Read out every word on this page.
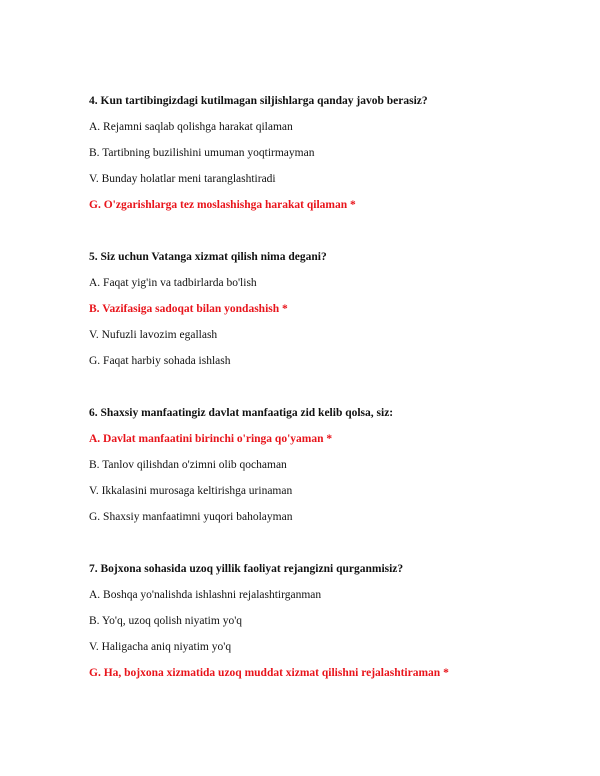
4. Kun tartibingizdagi kutilmagan siljishlarga qanday javob berasiz?
A. Rejamni saqlab qolishga harakat qilaman
B. Tartibning buzilishini umuman yoqtirmayman
V. Bunday holatlar meni taranglashtiradi
G. O'zgarishlarga tez moslashishga harakat qilaman *
5. Siz uchun Vatanga xizmat qilish nima degani?
A. Faqat yig'in va tadbirlarda bo'lish
B. Vazifasiga sadoqat bilan yondashish *
V. Nufuzli lavozim egallash
G. Faqat harbiy sohada ishlash
6. Shaxsiy manfaatingiz davlat manfaatiga zid kelib qolsa, siz:
A. Davlat manfaatini birinchi o'ringa qo'yaman *
B. Tanlov qilishdan o'zimni olib qochaman
V. Ikkalasini murosaga keltirishga urinaman
G. Shaxsiy manfaatimni yuqori baholayman
7. Bojxona sohasida uzoq yillik faoliyat rejangizni qurganmisiz?
A. Boshqa yo'nalishda ishlashni rejalashtirganman
B. Yo'q, uzoq qolish niyatim yo'q
V. Haligacha aniq niyatim yo'q
G. Ha, bojxona xizmatida uzoq muddat xizmat qilishni rejalashtiraman *
